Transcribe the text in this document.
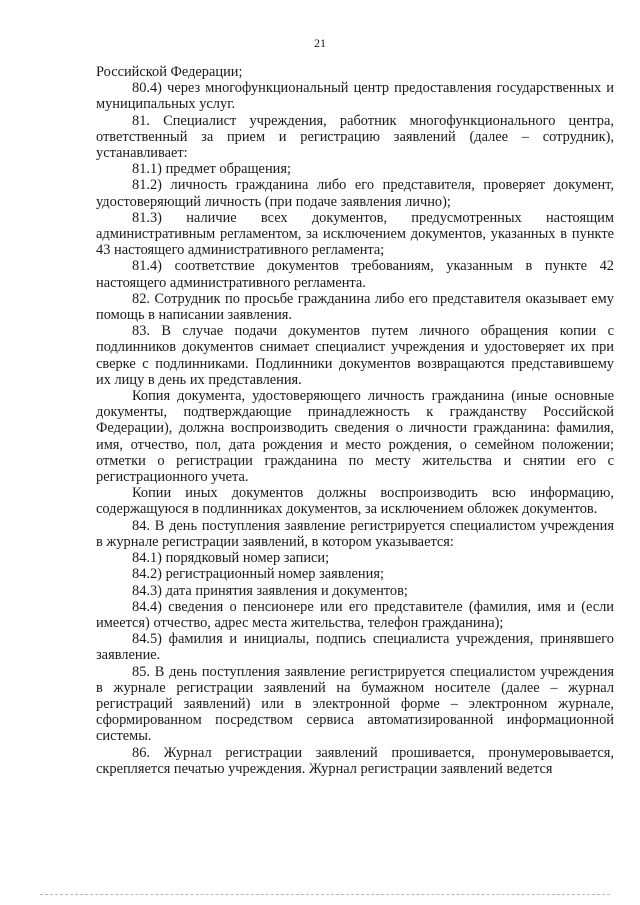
21

Российской Федерации;

80.4) через многофункциональный центр предоставления государственных и муниципальных услуг.

81. Специалист учреждения, работник многофункционального центра, ответственный за прием и регистрацию заявлений (далее – сотрудник), устанавливает:

81.1) предмет обращения;

81.2) личность гражданина либо его представителя, проверяет документ, удостоверяющий личность (при подаче заявления лично);

81.3) наличие всех документов, предусмотренных настоящим административным регламентом, за исключением документов, указанных в пункте 43 настоящего административного регламента;

81.4) соответствие документов требованиям, указанным в пункте 42 настоящего административного регламента.

82. Сотрудник по просьбе гражданина либо его представителя оказывает ему помощь в написании заявления.

83. В случае подачи документов путем личного обращения копии с подлинников документов снимает специалист учреждения и удостоверяет их при сверке с подлинниками. Подлинники документов возвращаются представившему их лицу в день их представления.

Копия документа, удостоверяющего личность гражданина (иные основные документы, подтверждающие принадлежность к гражданству Российской Федерации), должна воспроизводить сведения о личности гражданина: фамилия, имя, отчество, пол, дата рождения и место рождения, о семейном положении; отметки о регистрации гражданина по месту жительства и снятии его с регистрационного учета.

Копии иных документов должны воспроизводить всю информацию, содержащуюся в подлинниках документов, за исключением обложек документов.

84. В день поступления заявление регистрируется специалистом учреждения в журнале регистрации заявлений, в котором указывается:

84.1) порядковый номер записи;

84.2) регистрационный номер заявления;

84.3) дата принятия заявления и документов;

84.4) сведения о пенсионере или его представителе (фамилия, имя и (если имеется) отчество, адрес места жительства, телефон гражданина);

84.5) фамилия и инициалы, подпись специалиста учреждения, принявшего заявление.

85. В день поступления заявление регистрируется специалистом учреждения в журнале регистрации заявлений на бумажном носителе (далее – журнал регистраций заявлений) или в электронной форме – электронном журнале, сформированном посредством сервиса автоматизированной информационной системы.

86. Журнал регистрации заявлений прошивается, пронумеровывается, скрепляется печатью учреждения. Журнал регистрации заявлений ведется
